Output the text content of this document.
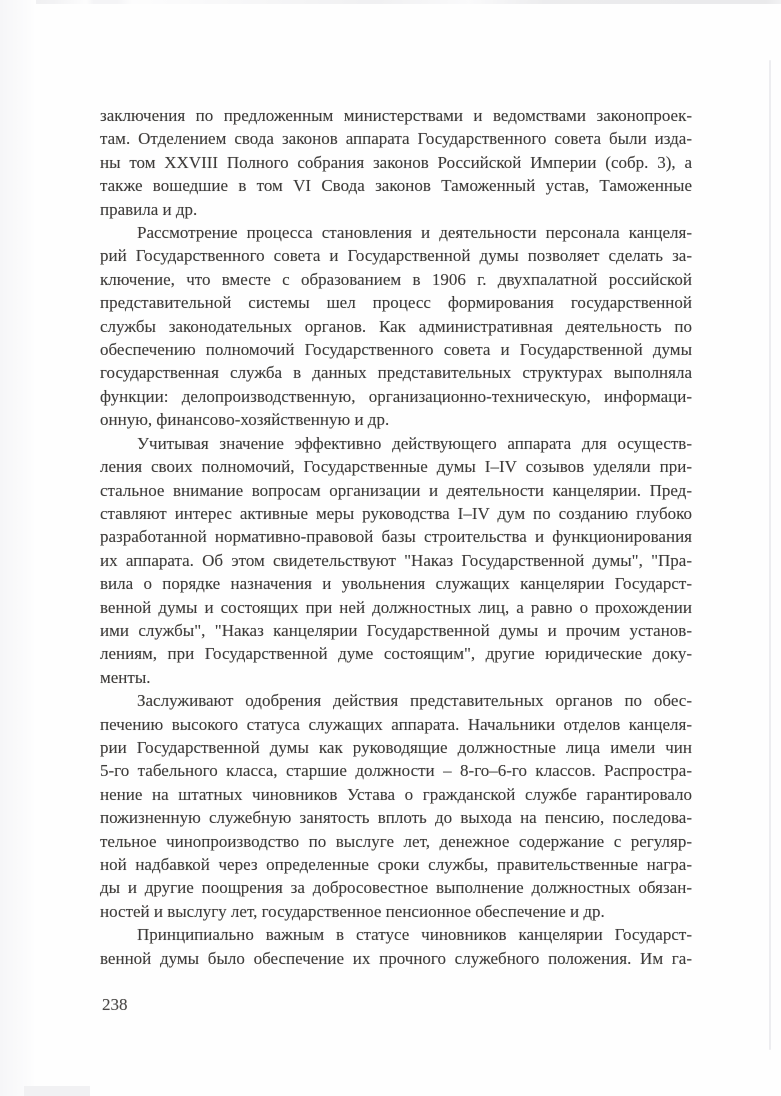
заключения по предложенным министерствами и ведомствами законопроек-
там. Отделением свода законов аппарата Государственного совета были изда-
ны том XXVIII Полного собрания законов Российской Империи (собр. 3), а
также вошедшие в том VI Свода законов Таможенный устав, Таможенные
правила и др.
Рассмотрение процесса становления и деятельности персонала канцеля-
рий Государственного совета и Государственной думы позволяет сделать за-
ключение, что вместе с образованием в 1906 г. двухпалатной российской
представительной системы шел процесс формирования государственной
службы законодательных органов. Как административная деятельность по
обеспечению полномочий Государственного совета и Государственной думы
государственная служба в данных представительных структурах выполняла
функции: делопроизводственную, организационно-техническую, информаци-
онную, финансово-хозяйственную и др.
Учитывая значение эффективно действующего аппарата для осуществ-
ления своих полномочий, Государственные думы I–IV созывов уделяли при-
стальное внимание вопросам организации и деятельности канцелярии. Пред-
ставляют интерес активные меры руководства I–IV дум по созданию глубоко
разработанной нормативно-правовой базы строительства и функционирования
их аппарата. Об этом свидетельствуют "Наказ Государственной думы", "Пра-
вила о порядке назначения и увольнения служащих канцелярии Государст-
венной думы и состоящих при ней должностных лиц, а равно о прохождении
ими службы", "Наказ канцелярии Государственной думы и прочим установ-
лениям, при Государственной думе состоящим", другие юридические доку-
менты.
Заслуживают одобрения действия представительных органов по обес-
печению высокого статуса служащих аппарата. Начальники отделов канцеля-
рии Государственной думы как руководящие должностные лица имели чин
5-го табельного класса, старшие должности – 8-го–6-го классов. Распростра-
нение на штатных чиновников Устава о гражданской службе гарантировало
пожизненную служебную занятость вплоть до выхода на пенсию, последова-
тельное чинопроизводство по выслуге лет, денежное содержание с регуляр-
ной надбавкой через определенные сроки службы, правительственные награ-
ды и другие поощрения за добросовестное выполнение должностных обязан-
ностей и выслугу лет, государственное пенсионное обеспечение и др.
Принципиально важным в статусе чиновников канцелярии Государст-
венной думы было обеспечение их прочного служебного положения. Им га-
238
